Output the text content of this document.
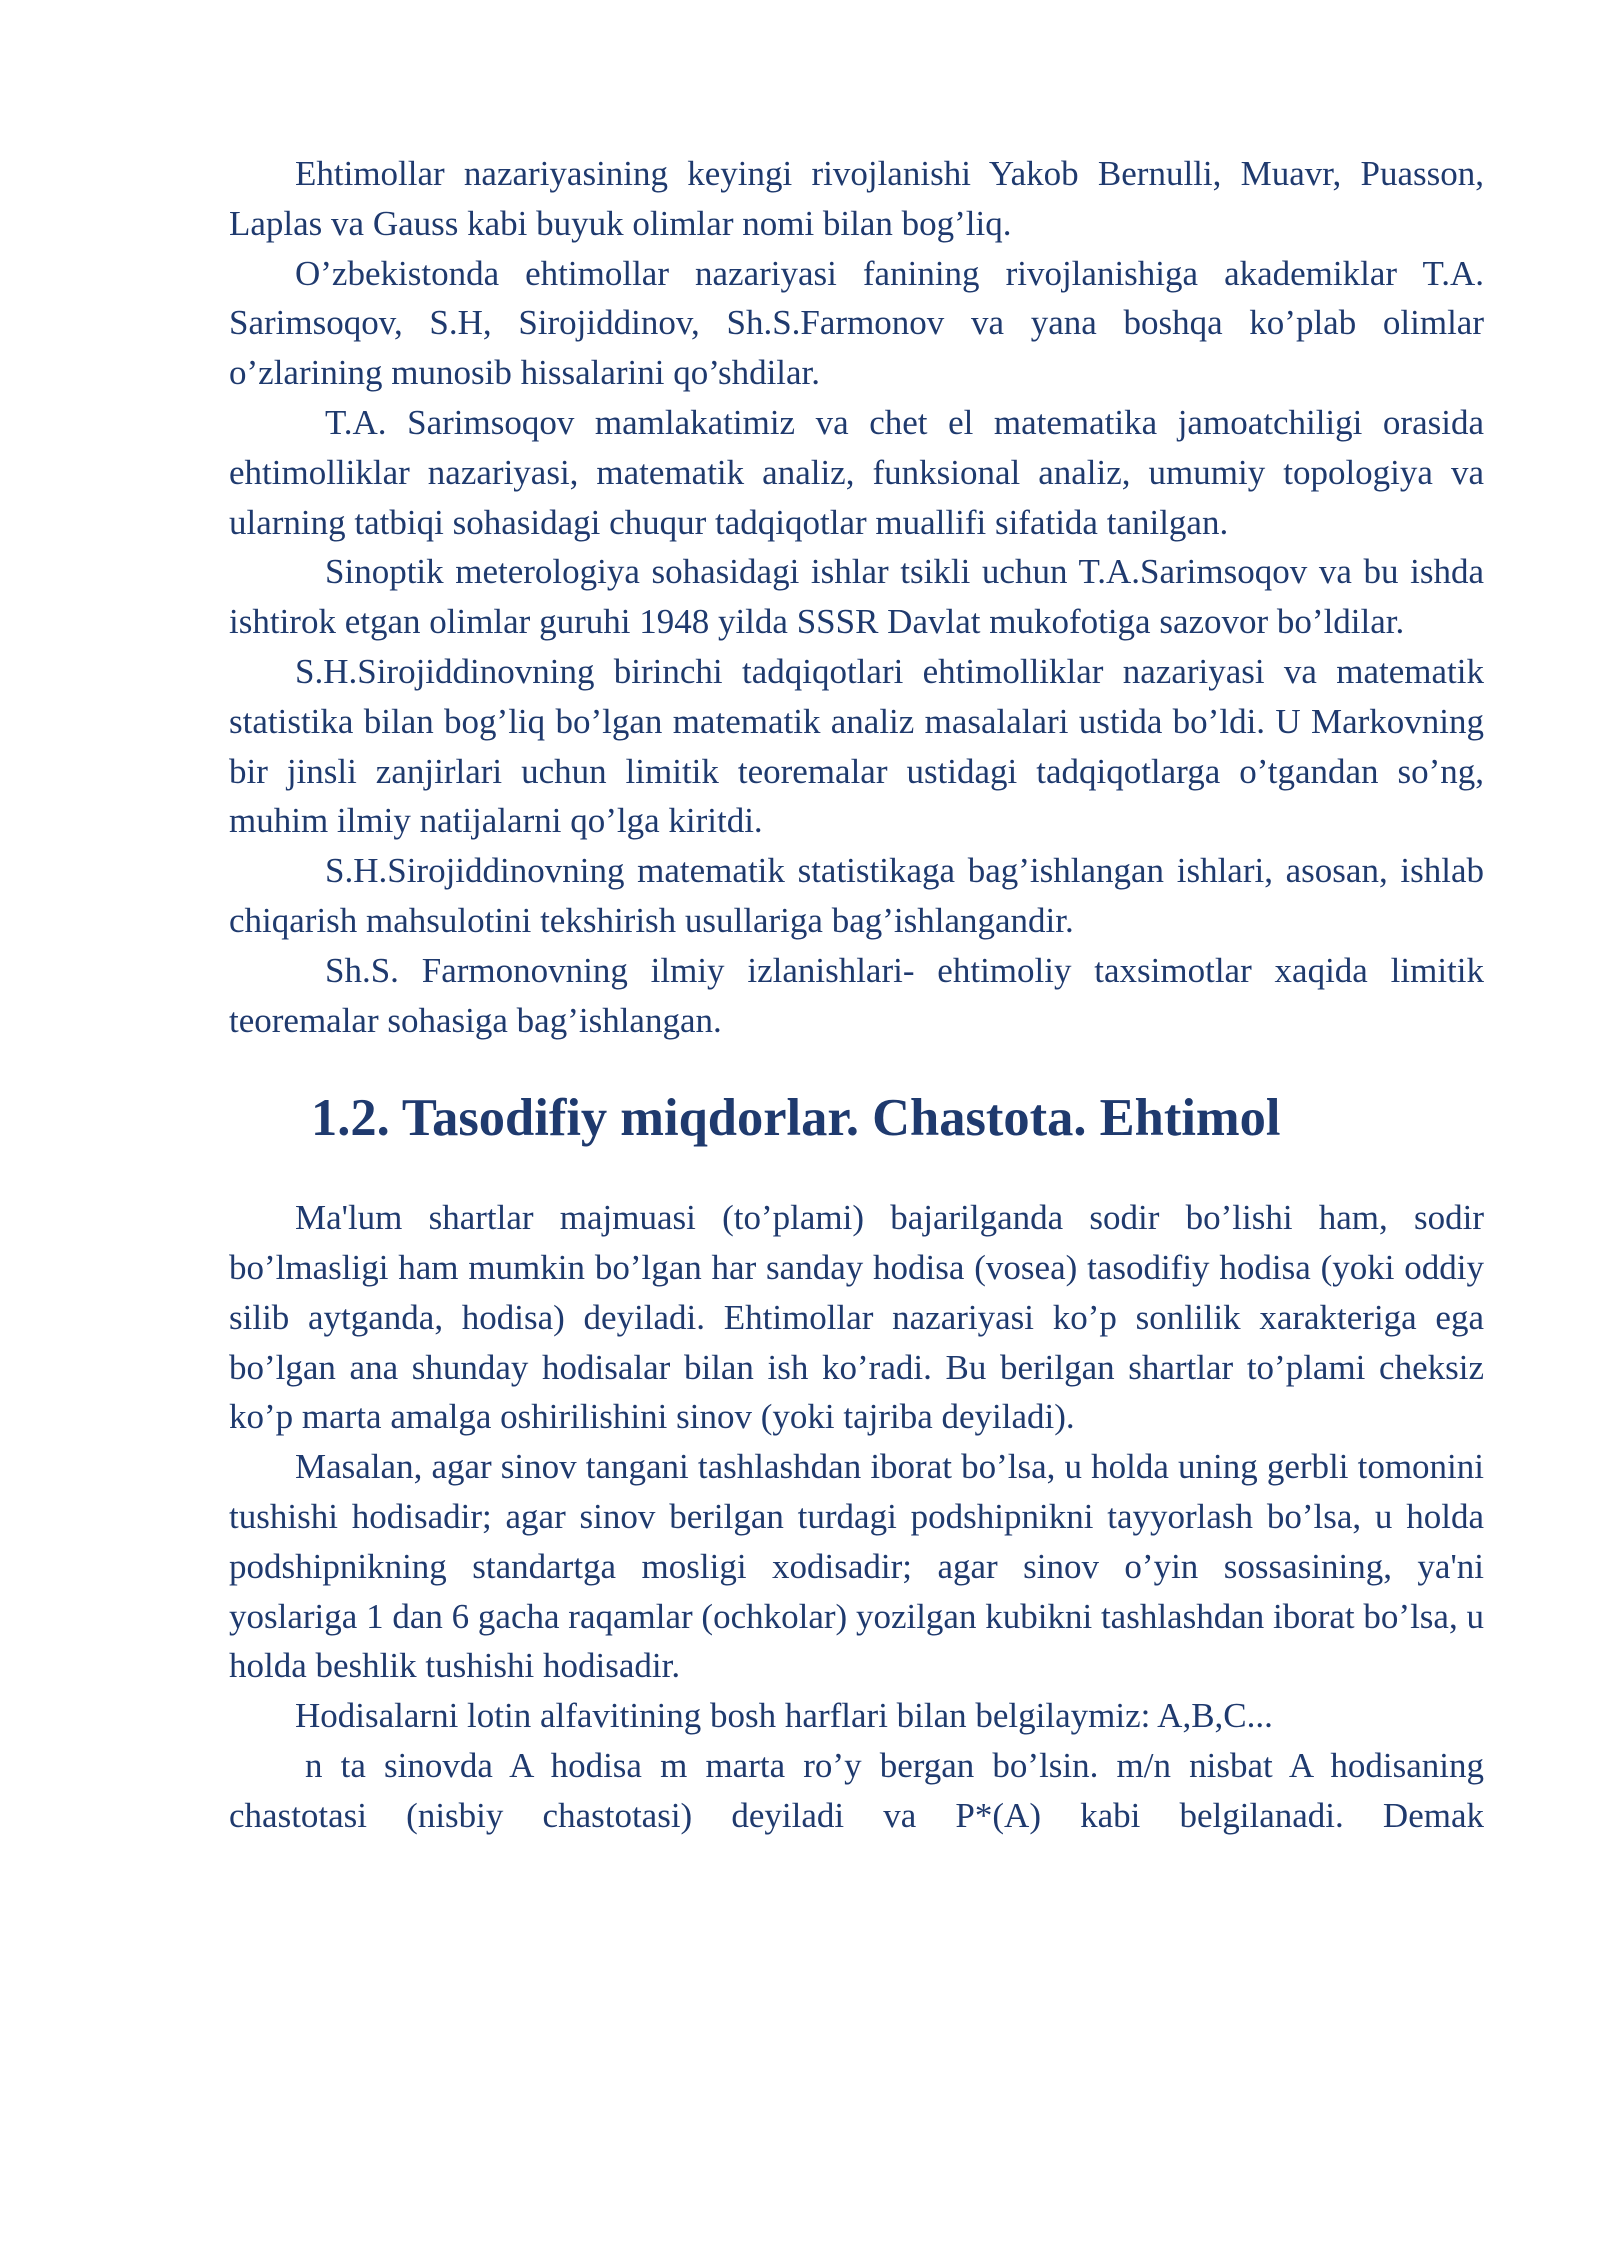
Ehtimollar nazariyasining keyingi rivojlanishi Yakob Bernulli, Muavr, Puasson, Laplas va Gauss kabi buyuk olimlar nomi bilan bog’liq.

O’zbekistonda ehtimollar nazariyasi fanining rivojlanishiga akademiklar T.A. Sarimsoqov, S.H, Sirojiddinov, Sh.S.Farmonov va yana boshqa ko’plab olimlar o’zlarining munosib hissalarini qo’shdilar.

T.A. Sarimsoqov mamlakatimiz va chet el matematika jamoatchiligi orasida ehtimolliklar nazariyasi, matematik analiz, funksional analiz, umumiy topologiya va ularning tatbiqi sohasidagi chuqur tadqiqotlar muallifi sifatida tanilgan.

Sinoptik meterologiya sohasidagi ishlar tsikli uchun T.A.Sarimsoqov va bu ishda ishtirok etgan olimlar guruhi 1948 yilda SSSR Davlat mukofotiga sazovor bo’ldilar.

S.H.Sirojiddinovning birinchi tadqiqotlari ehtimolliklar nazariyasi va matematik statistika bilan bog’liq bo’lgan matematik analiz masalalari ustida bo’ldi. U Markovning bir jinsli zanjirlari uchun limitik teoremalar ustidagi tadqiqotlarga o’tgandan so’ng, muhim ilmiy natijalarni qo’lga kiritdi.

S.H.Sirojiddinovning matematik statistikaga bag’ishlangan ishlari, asosan, ishlab chiqarish mahsulotini tekshirish usullariga bag’ishlangandir.

Sh.S. Farmonovning ilmiy izlanishlari- ehtimoliy taxsimotlar xaqida limitik teoremalar sohasiga bag’ishlangan.

1.2. Tasodifiy miqdorlar. Chastota. Ehtimol

Ma'lum shartlar majmuasi (to’plami) bajarilganda sodir bo’lishi ham, sodir bo’lmasligi ham mumkin bo’lgan har sanday hodisa (vosea) tasodifiy hodisa (yoki oddiy silib aytganda, hodisa) deyiladi. Ehtimollar nazariyasi ko’p sonlilik xarakteriga ega bo’lgan ana shunday hodisalar bilan ish ko’radi. Bu berilgan shartlar to’plami cheksiz ko’p marta amalga oshirilishini sinov (yoki tajriba deyiladi).

Masalan, agar sinov tangani tashlashdan iborat bo’lsa, u holda uning gerbli tomonini tushishi hodisadir; agar sinov berilgan turdagi podshipnikni tayyorlash bo’lsa, u holda podshipnikning standartga mosligi xodisadir; agar sinov o’yin sossasining, ya'ni yoslariga 1 dan 6 gacha raqamlar (ochkolar) yozilgan kubikni tashlashdan iborat bo’lsa, u holda beshlik tushishi hodisadir.

Hodisalarni lotin alfavitining bosh harflari bilan belgilaymiz: A,B,C...

n ta sinovda A hodisa m marta ro’y bergan bo’lsin. m/n nisbat A hodisaning chastotasi (nisbiy chastotasi) deyiladi va P*(A) kabi belgilanadi. Demak
